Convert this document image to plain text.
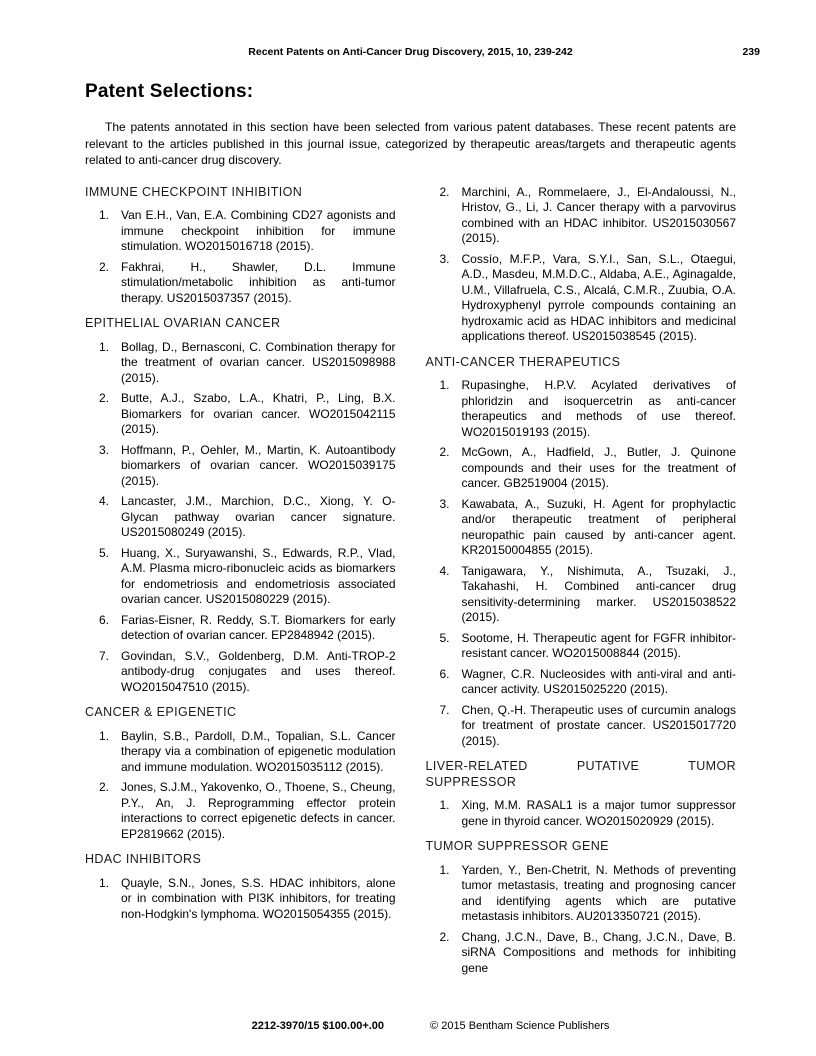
Recent Patents on Anti-Cancer Drug Discovery, 2015, 10, 239-242	239
Patent Selections:

The patents annotated in this section have been selected from various patent databases. These recent patents are relevant to the articles published in this journal issue, categorized by therapeutic areas/targets and therapeutic agents related to anti-cancer drug discovery.

IMMUNE CHECKPOINT INHIBITION
1. Van E.H., Van, E.A. Combining CD27 agonists and immune checkpoint inhibition for immune stimulation. WO2015016718 (2015).
2. Fakhrai, H., Shawler, D.L. Immune stimulation/metabolic inhibition as anti-tumor therapy. US2015037357 (2015).
EPITHELIAL OVARIAN CANCER
1. Bollag, D., Bernasconi, C. Combination therapy for the treatment of ovarian cancer. US2015098988 (2015).
2. Butte, A.J., Szabo, L.A., Khatri, P., Ling, B.X. Biomarkers for ovarian cancer. WO2015042115 (2015).
3. Hoffmann, P., Oehler, M., Martin, K. Autoantibody biomarkers of ovarian cancer. WO2015039175 (2015).
4. Lancaster, J.M., Marchion, D.C., Xiong, Y. O-Glycan pathway ovarian cancer signature. US2015080249 (2015).
5. Huang, X., Suryawanshi, S., Edwards, R.P., Vlad, A.M. Plasma micro-ribonucleic acids as biomarkers for endometriosis and endometriosis associated ovarian cancer. US2015080229 (2015).
6. Farias-Eisner, R. Reddy, S.T. Biomarkers for early detection of ovarian cancer. EP2848942 (2015).
7. Govindan, S.V., Goldenberg, D.M. Anti-TROP-2 antibody-drug conjugates and uses thereof. WO2015047510 (2015).
CANCER & EPIGENETIC
1. Baylin, S.B., Pardoll, D.M., Topalian, S.L. Cancer therapy via a combination of epigenetic modulation and immune modulation. WO2015035112 (2015).
2. Jones, S.J.M., Yakovenko, O., Thoene, S., Cheung, P.Y., An, J. Reprogramming effector protein interactions to correct epigenetic defects in cancer. EP2819662 (2015).
HDAC INHIBITORS
1. Quayle, S.N., Jones, S.S. HDAC inhibitors, alone or in combination with PI3K inhibitors, for treating non-Hodgkin's lymphoma. WO2015054355 (2015).
2. Marchini, A., Rommelaere, J., El-Andaloussi, N., Hristov, G., Li, J. Cancer therapy with a parvovirus combined with an HDAC inhibitor. US2015030567 (2015).
3. Cossío, M.F.P., Vara, S.Y.I., San, S.L., Otaegui, A.D., Masdeu, M.M.D.C., Aldaba, A.E., Aginagalde, U.M., Villafruela, C.S., Alcalá, C.M.R., Zuubia, O.A. Hydroxyphenyl pyrrole compounds containing an hydroxamic acid as HDAC inhibitors and medicinal applications thereof. US2015038545 (2015).
ANTI-CANCER THERAPEUTICS
1. Rupasinghe, H.P.V. Acylated derivatives of phloridzin and isoquercetrin as anti-cancer therapeutics and methods of use thereof. WO2015019193 (2015).
2. McGown, A., Hadfield, J., Butler, J. Quinone compounds and their uses for the treatment of cancer. GB2519004 (2015).
3. Kawabata, A., Suzuki, H. Agent for prophylactic and/or therapeutic treatment of peripheral neuropathic pain caused by anti-cancer agent. KR20150004855 (2015).
4. Tanigawara, Y., Nishimuta, A., Tsuzaki, J., Takahashi, H. Combined anti-cancer drug sensitivity-determining marker. US2015038522 (2015).
5. Sootome, H. Therapeutic agent for FGFR inhibitor-resistant cancer. WO2015008844 (2015).
6. Wagner, C.R. Nucleosides with anti-viral and anti-cancer activity. US2015025220 (2015).
7. Chen, Q.-H. Therapeutic uses of curcumin analogs for treatment of prostate cancer. US2015017720 (2015).
LIVER-RELATED PUTATIVE TUMOR SUPPRESSOR
1. Xing, M.M. RASAL1 is a major tumor suppressor gene in thyroid cancer. WO2015020929 (2015).
TUMOR SUPPRESSOR GENE
1. Yarden, Y., Ben-Chetrit, N. Methods of preventing tumor metastasis, treating and prognosing cancer and identifying agents which are putative metastasis inhibitors. AU2013350721 (2015).
2. Chang, J.C.N., Dave, B., Chang, J.C.N., Dave, B. siRNA Compositions and methods for inhibiting gene
2212-3970/15 $100.00+.00	© 2015 Bentham Science Publishers
